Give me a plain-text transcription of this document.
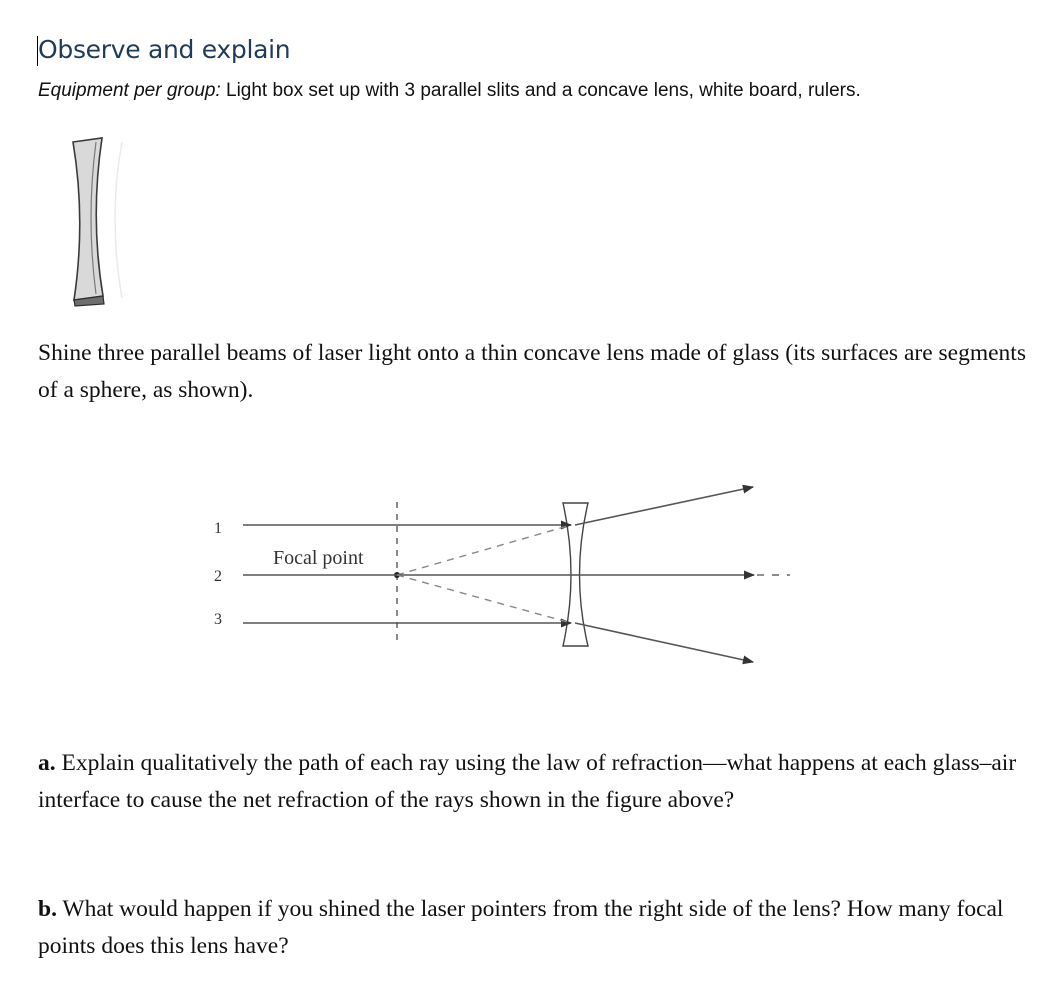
Observe and explain

Equipment per group: Light box set up with 3 parallel slits and a concave lens, white board, rulers.

Shine three parallel beams of laser light onto a thin concave lens made of glass (its surfaces are segments of a sphere, as shown).

1
2
3
Focal point

a. Explain qualitatively the path of each ray using the law of refraction—what happens at each glass–air interface to cause the net refraction of the rays shown in the figure above?

b. What would happen if you shined the laser pointers from the right side of the lens? How many focal points does this lens have?
